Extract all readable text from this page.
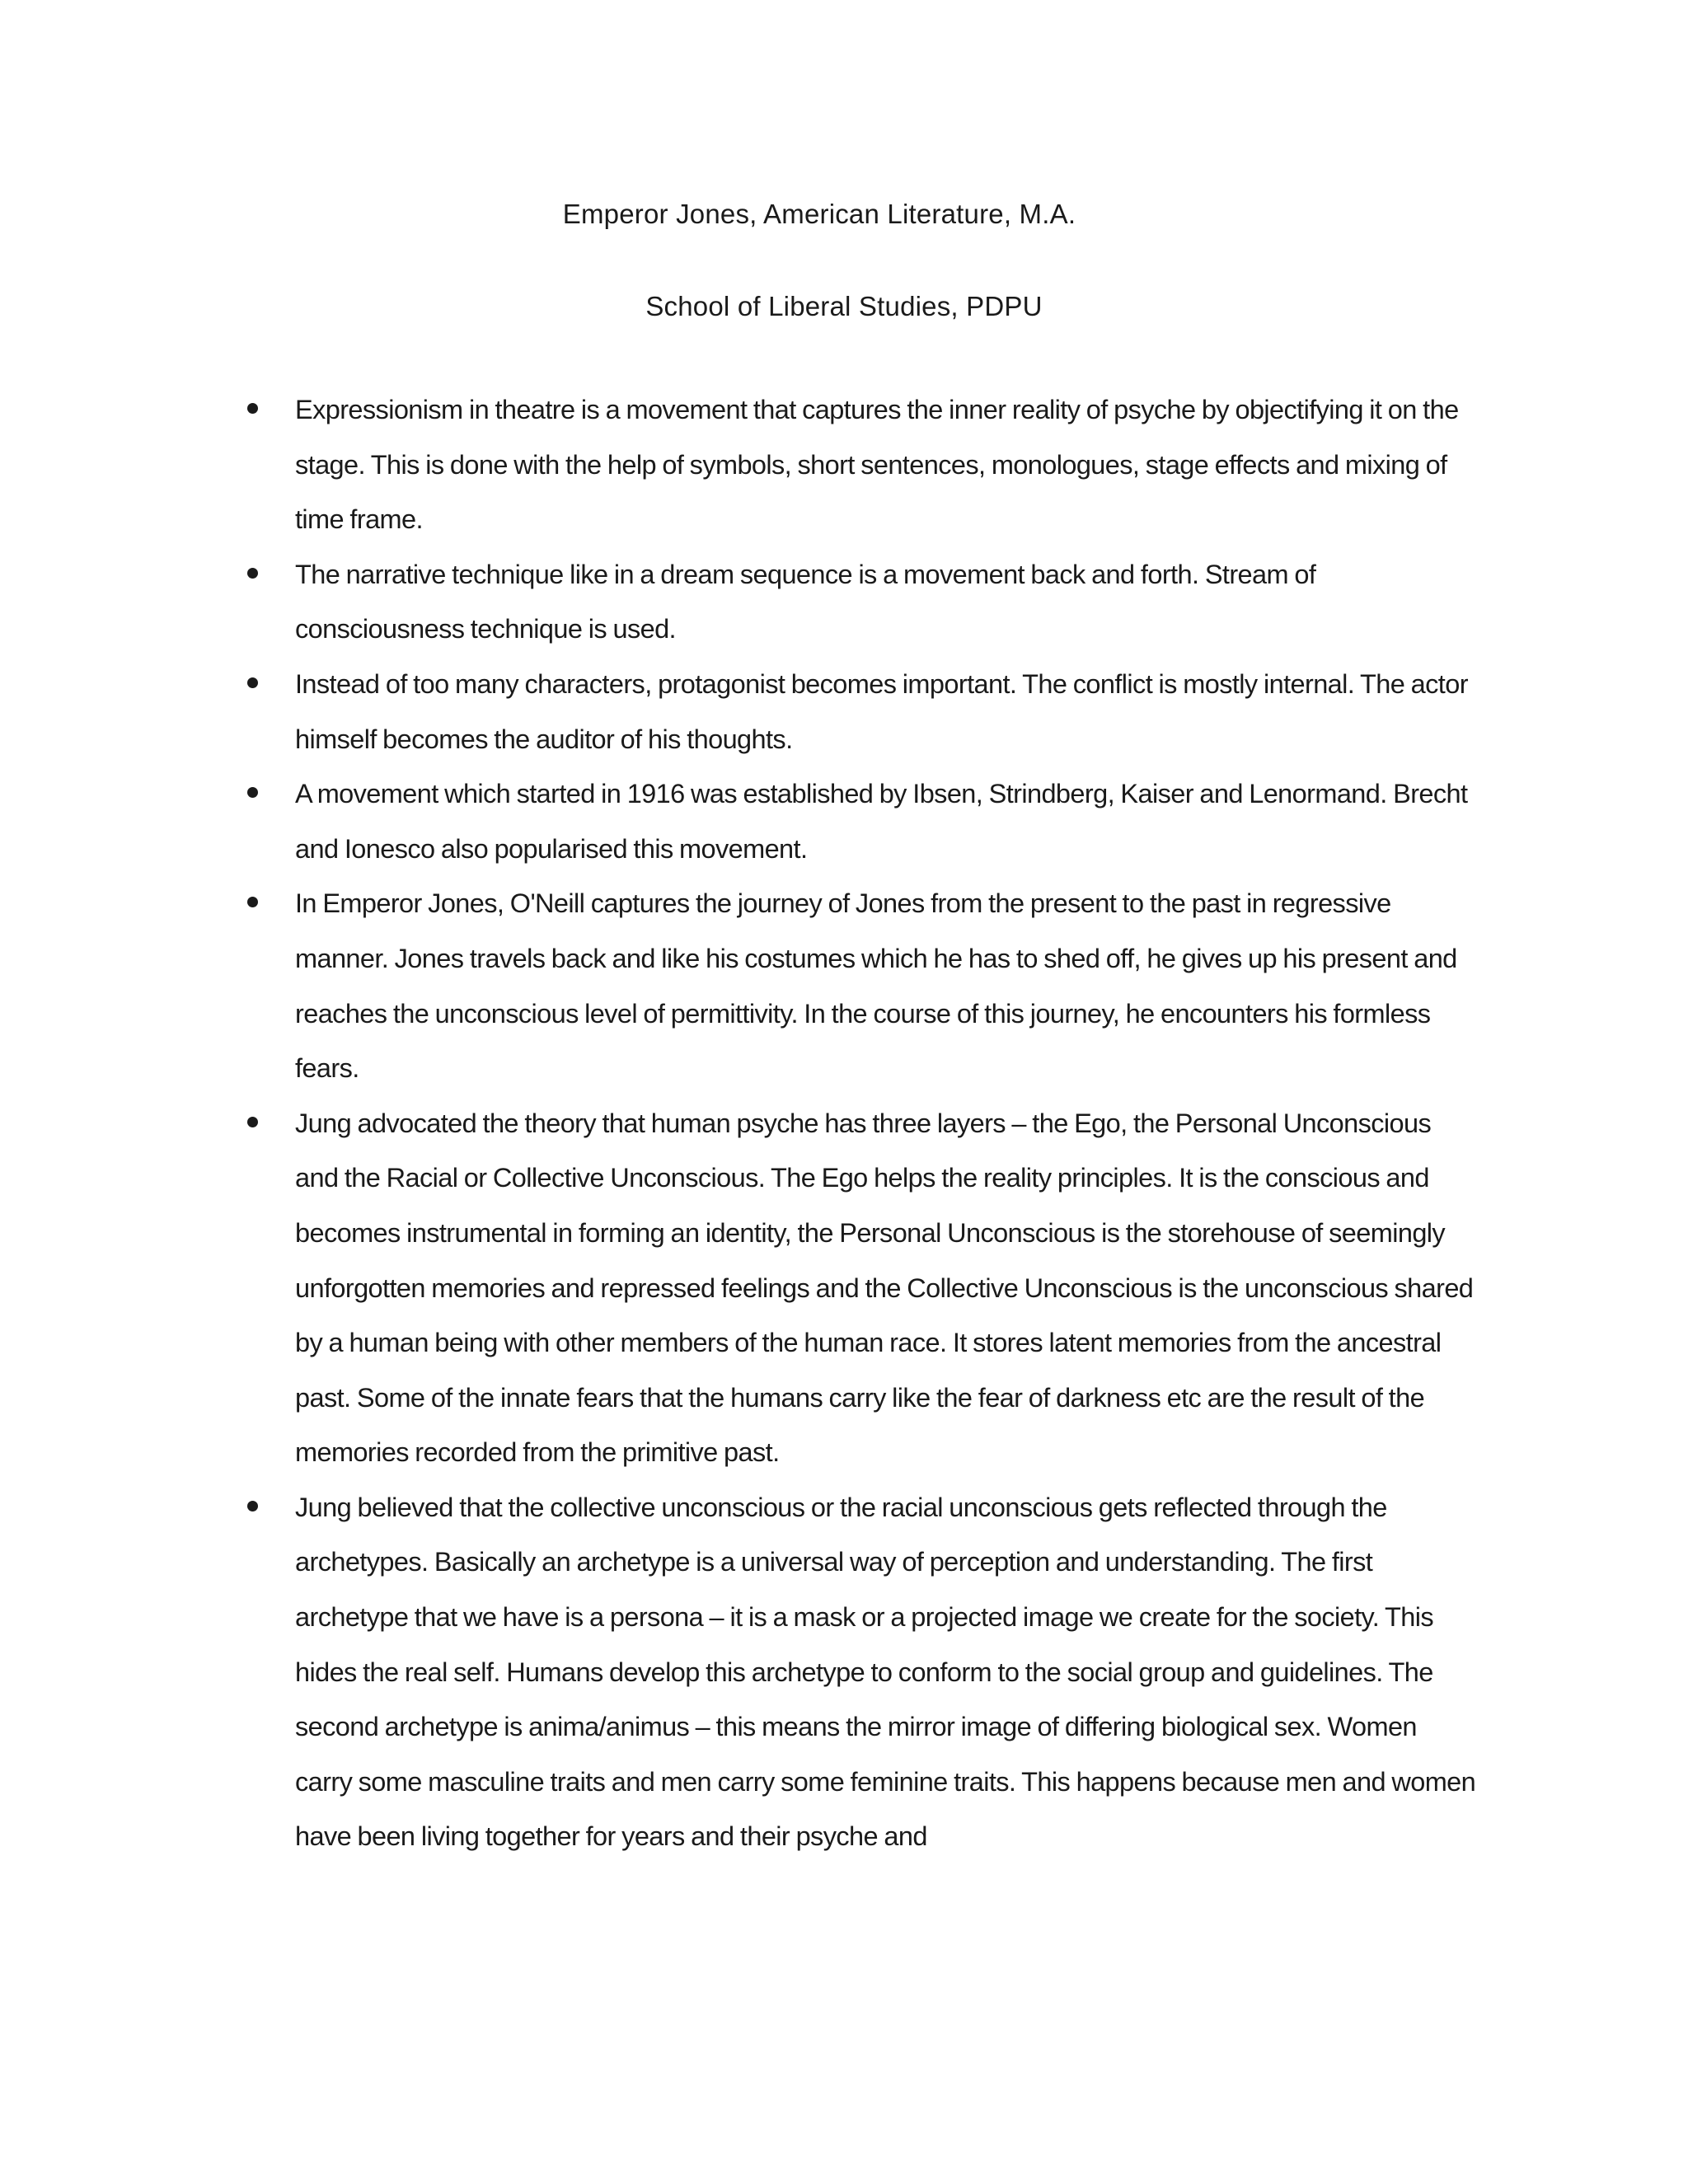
Emperor Jones, American Literature, M.A.
School of Liberal Studies, PDPU
Expressionism in theatre is a movement that captures the inner reality of psyche by objectifying it on the stage. This is done with the help of symbols, short sentences, monologues, stage effects and mixing of time frame.
The narrative technique like in a dream sequence is a movement back and forth. Stream of consciousness technique is used.
Instead of too many characters, protagonist becomes important. The conflict is mostly internal. The actor himself becomes the auditor of his thoughts.
A movement which started in 1916 was established by Ibsen, Strindberg, Kaiser and Lenormand. Brecht and Ionesco also popularised this movement.
In Emperor Jones, O'Neill captures the journey of Jones from the present to the past in regressive manner. Jones travels back and like his costumes which he has to shed off, he gives up his present and reaches the unconscious level of permittivity. In the course of this journey, he encounters his formless fears.
Jung advocated the theory that human psyche has three layers – the Ego, the Personal Unconscious and the Racial or Collective Unconscious. The Ego helps the reality principles. It is the conscious and becomes instrumental in forming an identity, the Personal Unconscious is the storehouse of seemingly unforgotten memories and repressed feelings and the Collective Unconscious is the unconscious shared by a human being with other members of the human race. It stores latent memories from the ancestral past. Some of the innate fears that the humans carry like the fear of darkness etc are the result of the memories recorded from the primitive past.
Jung believed that the collective unconscious or the racial unconscious gets reflected through the archetypes. Basically an archetype is a universal way of perception and understanding. The first archetype that we have is a persona – it is a mask or a projected image we create for the society. This hides the real self. Humans develop this archetype to conform to the social group and guidelines. The second archetype is anima/animus – this means the mirror image of differing biological sex. Women carry some masculine traits and men carry some feminine traits. This happens because men and women have been living together for years and their psyche and
